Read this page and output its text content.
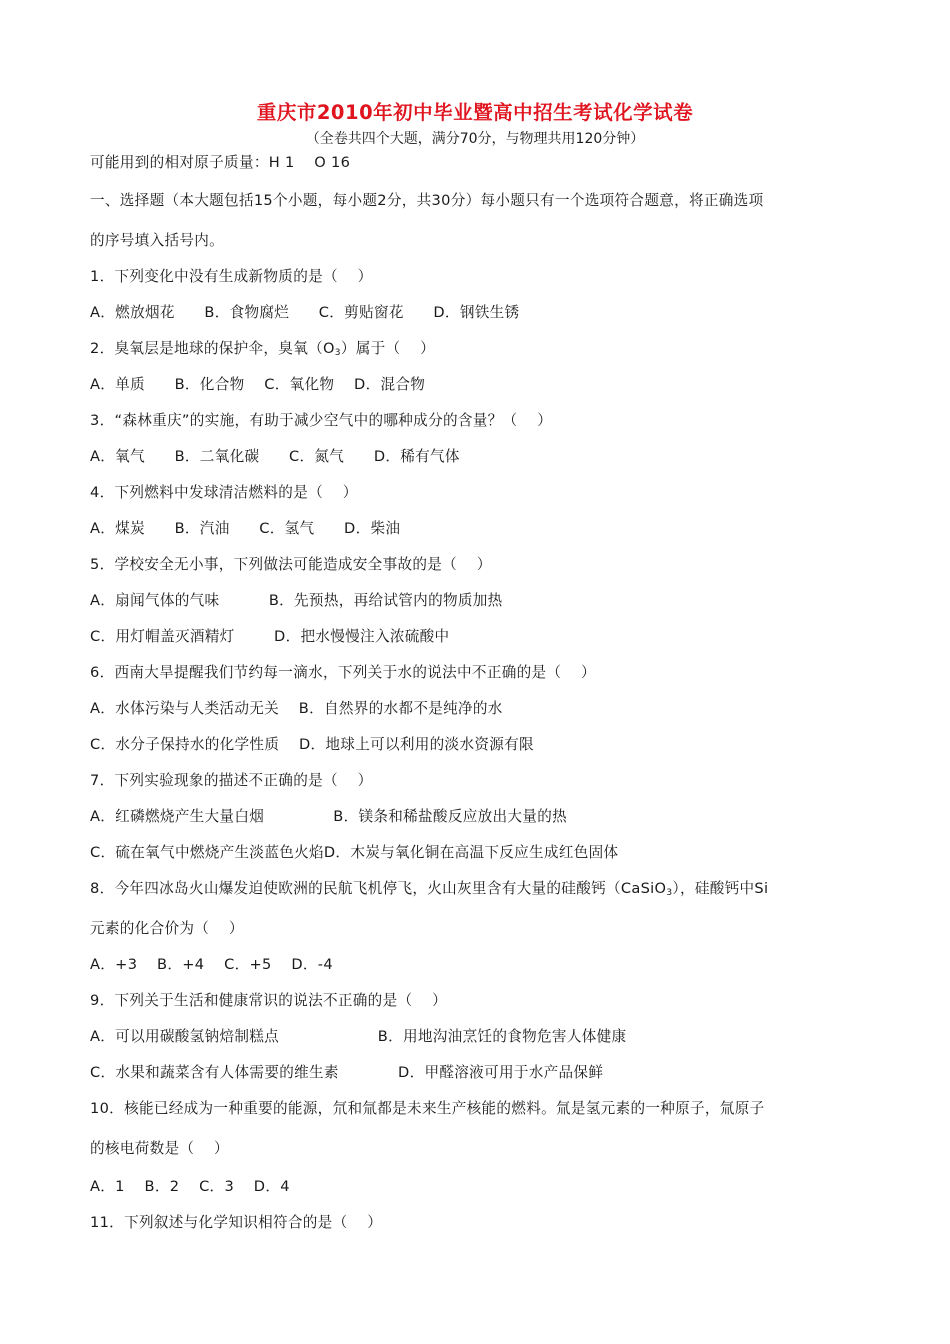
重庆市2010年初中毕业暨高中招生考试化学试卷
（全卷共四个大题，满分70分，与物理共用120分钟）
可能用到的相对原子质量：H 1    O 16
一、选择题（本大题包括15个小题，每小题2分，共30分）每小题只有一个选项符合题意，将正确选项
的序号填入括号内。
1．下列变化中没有生成新物质的是（    ）
A．燃放烟花      B．食物腐烂      C．剪贴窗花      D．钢铁生锈
2．臭氧层是地球的保护伞，臭氧$(O_3)$属于（    ）
A．单质      B．化合物    C．氧化物    D．混合物
3．“森林重庆”的实施，有助于减少空气中的哪种成分的含量？（    ）
A．氧气      B．二氧化碳      C．氮气      D．稀有气体
4．下列燃料中发球清洁燃料的是（    ）
A．煤炭      B．汽油      C．氢气      D．柴油
5．学校安全无小事，下列做法可能造成安全事故的是（    ）
A．扇闻气体的气味          B．先预热，再给试管内的物质加热
C．用灯帽盖灭酒精灯        D．把水慢慢注入浓硫酸中
6．西南大旱提醒我们节约每一滴水，下列关于水的说法中不正确的是（    ）
A．水体污染与人类活动无关    B．自然界的水都不是纯净的水
C．水分子保持水的化学性质    D．地球上可以利用的淡水资源有限
7．下列实验现象的描述不正确的是（    ）
A．红磷燃烧产生大量白烟              B．镁条和稀盐酸反应放出大量的热
C．硫在氧气中燃烧产生淡蓝色火焰D．木炭与氧化铜在高温下反应生成红色固体
8．今年四冰岛火山爆发迫使欧洲的民航飞机停飞，火山灰里含有大量的硅酸钙（CaSiO$_3$），硅酸钙中Si
元素的化合价为（    ）
A．+3    B．+4    C．+5    D．-4
9．下列关于生活和健康常识的说法不正确的是（    ）
A．可以用碳酸氢钠焙制糕点                    B．用地沟油烹饪的食物危害人体健康
C．水果和蔬菜含有人体需要的维生素            D．甲醛溶液可用于水产品保鲜
10．核能已经成为一种重要的能源，氘和氚都是未来生产核能的燃料。氚是氢元素的一种原子，氚原子
的核电荷数是（    ）
A．1    B．2    C．3    D．4
11．下列叙述与化学知识相符合的是（    ）
